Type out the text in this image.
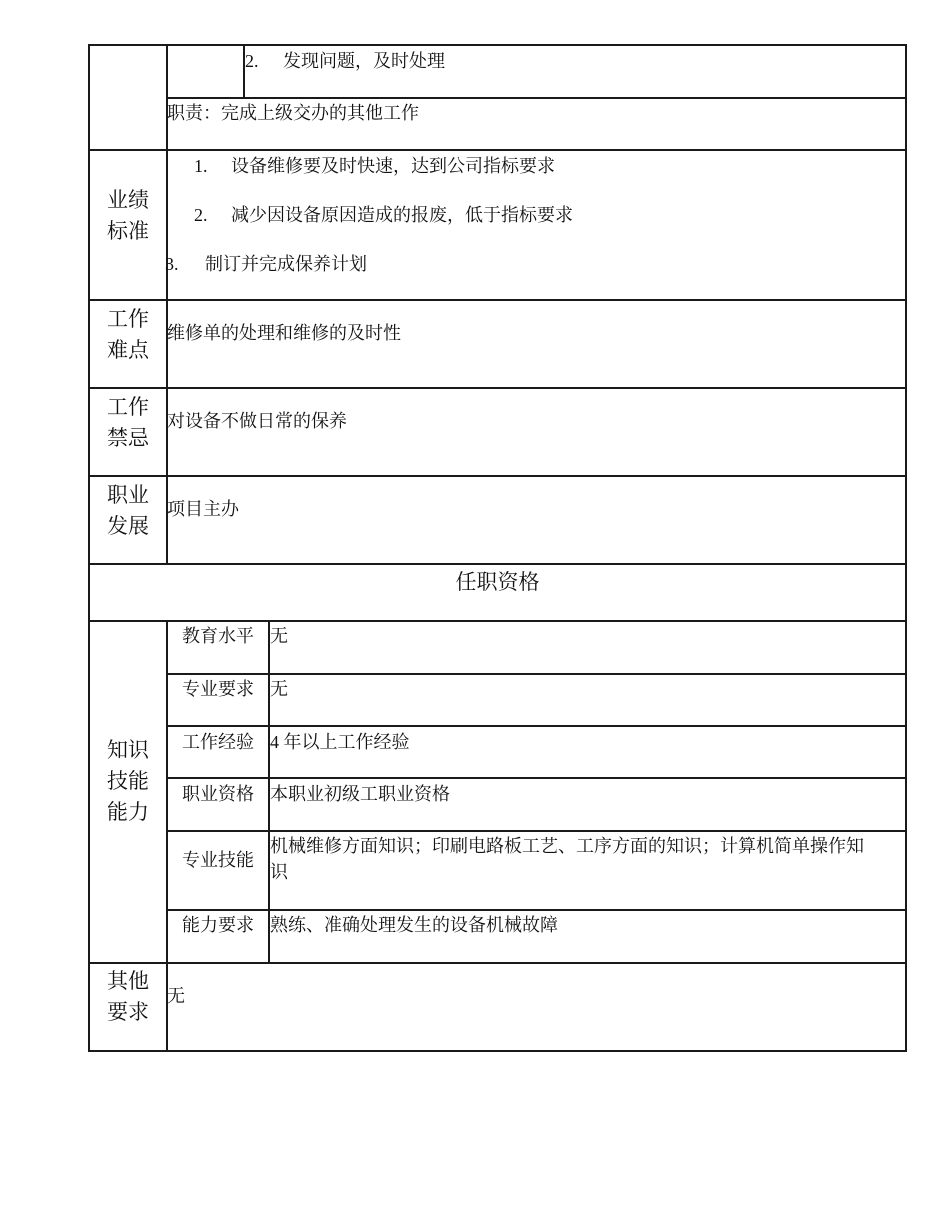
2. 发现问题，及时处理
职责：完成上级交办的其他工作
业绩
标准
1. 设备维修要及时快速，达到公司指标要求
2. 减少因设备原因造成的报废，低于指标要求
3. 制订并完成保养计划
工作
难点
维修单的处理和维修的及时性
工作
禁忌
对设备不做日常的保养
职业
发展
项目主办
任职资格
知识
技能
能力
教育水平 无
专业要求 无
工作经验 4 年以上工作经验
职业资格 本职业初级工职业资格
专业技能
机械维修方面知识；印刷电路板工艺、工序方面的知识；计算机简单操作知
识
能力要求 熟练、准确处理发生的设备机械故障
其他
要求
无
